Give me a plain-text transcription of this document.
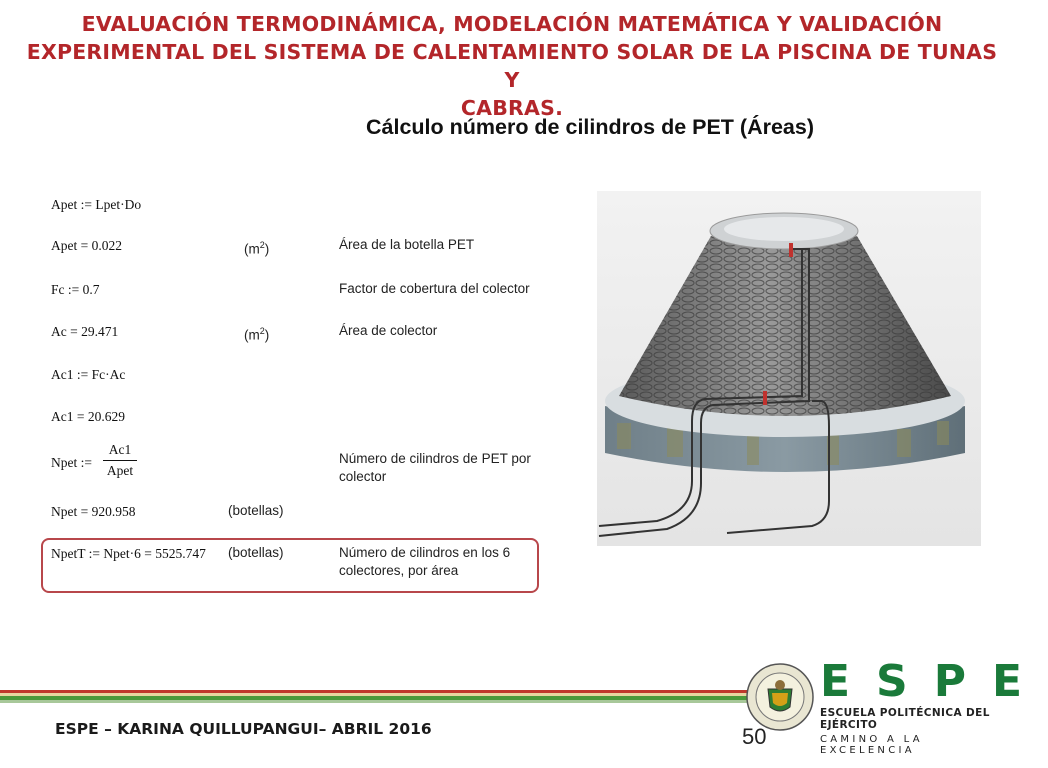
EVALUACIÓN TERMODINÁMICA, MODELACIÓN MATEMÁTICA Y VALIDACIÓN
EXPERIMENTAL DEL SISTEMA DE CALENTAMIENTO SOLAR DE LA PISCINA DE TUNAS Y
CABRAS.
Cálculo número de cilindros de PET (Áreas)
Apet := Lpet·Do
Apet = 0.022	$(m^2)$	Área de la botella PET
Fc := 0.7	Factor de cobertura del colector
Ac = 29.471	$(m^2)$	Área de colector
Ac1 := Fc·Ac
Ac1 = 20.629
Npet :=
Ac1
Apet
Número de cilindros de PET por
colector
Npet = 920.958	(botellas)
NpetT := Npet·6 = 5525.747 (botellas)	Número de cilindros en los 6
colectores, por área
ESPE – KARINA QUILLUPANGUI– ABRIL 2016	50
ESPE
ESCUELA POLITÉCNICA DEL EJÉRCITO
CAMINO A LA EXCELENCIA
